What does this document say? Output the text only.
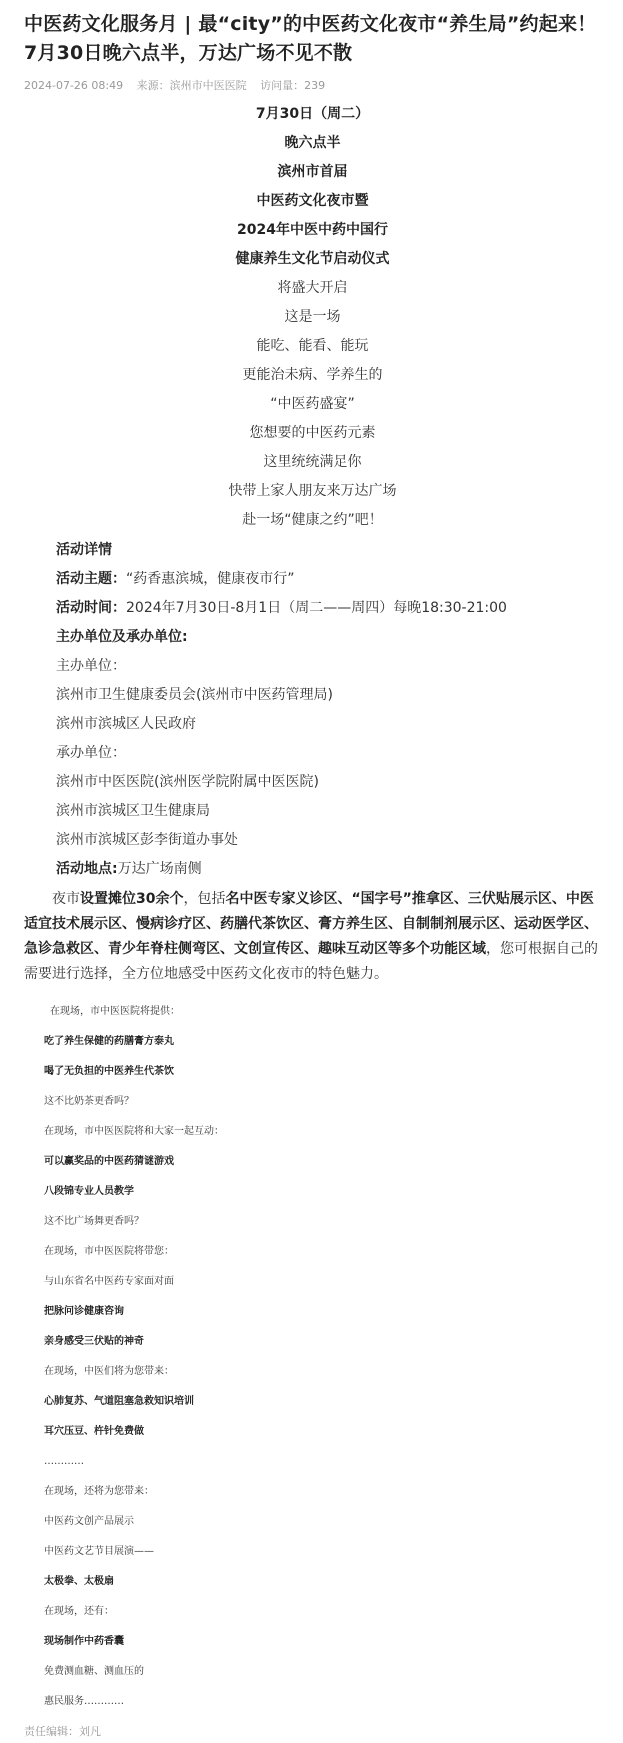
中医药文化服务月 | 最“city”的中医药文化夜市“养生局”约起来！7月30日晚六点半，万达广场不见不散
2024-07-26 08:49 来源：滨州市中医医院 访问量：239
7月30日（周二）
晚六点半
滨州市首届
中医药文化夜市暨
2024年中医中药中国行
健康养生文化节启动仪式
将盛大开启
这是一场
能吃、能看、能玩
更能治未病、学养生的
“中医药盛宴”
您想要的中医药元素
这里统统满足你
快带上家人朋友来万达广场
赴一场“健康之约”吧！
活动详情
活动主题：“药香惠滨城，健康夜市行”
活动时间：2024年7月30日-8月1日（周二——周四）每晚18:30-21:00
主办单位及承办单位:
主办单位：
滨州市卫生健康委员会(滨州市中医药管理局)
滨州市滨城区人民政府
承办单位：
滨州市中医医院(滨州医学院附属中医医院)
滨州市滨城区卫生健康局
滨州市滨城区彭李街道办事处
活动地点:万达广场南侧

夜市设置摊位30余个，包括名中医专家义诊区、“国字号”推拿区、三伏贴展示区、中医适宜技术展示区、慢病诊疗区、药膳代茶饮区、膏方养生区、自制制剂展示区、运动医学区、急诊急救区、青少年脊柱侧弯区、文创宣传区、趣味互动区等多个功能区域，您可根据自己的需要进行选择，全方位地感受中医药文化夜市的特色魅力。

在现场，市中医医院将提供：
吃了养生保健的药膳膏方泰丸
喝了无负担的中医养生代茶饮
这不比奶茶更香吗？
在现场，市中医医院将和大家一起互动：
可以赢奖品的中医药猜谜游戏
八段锦专业人员教学
这不比广场舞更香吗？
在现场，市中医医院将带您：
与山东省名中医药专家面对面
把脉问诊健康咨询
亲身感受三伏贴的神奇
在现场，中医们将为您带来：
心肺复苏、气道阻塞急救知识培训
耳穴压豆、杵针免费做
…………
在现场，还将为您带来：
中医药文创产品展示
中医药文艺节目展演——
太极拳、太极扇
在现场，还有：
现场制作中药香囊
免费测血糖、测血压的
惠民服务…………
责任编辑：刘凡
